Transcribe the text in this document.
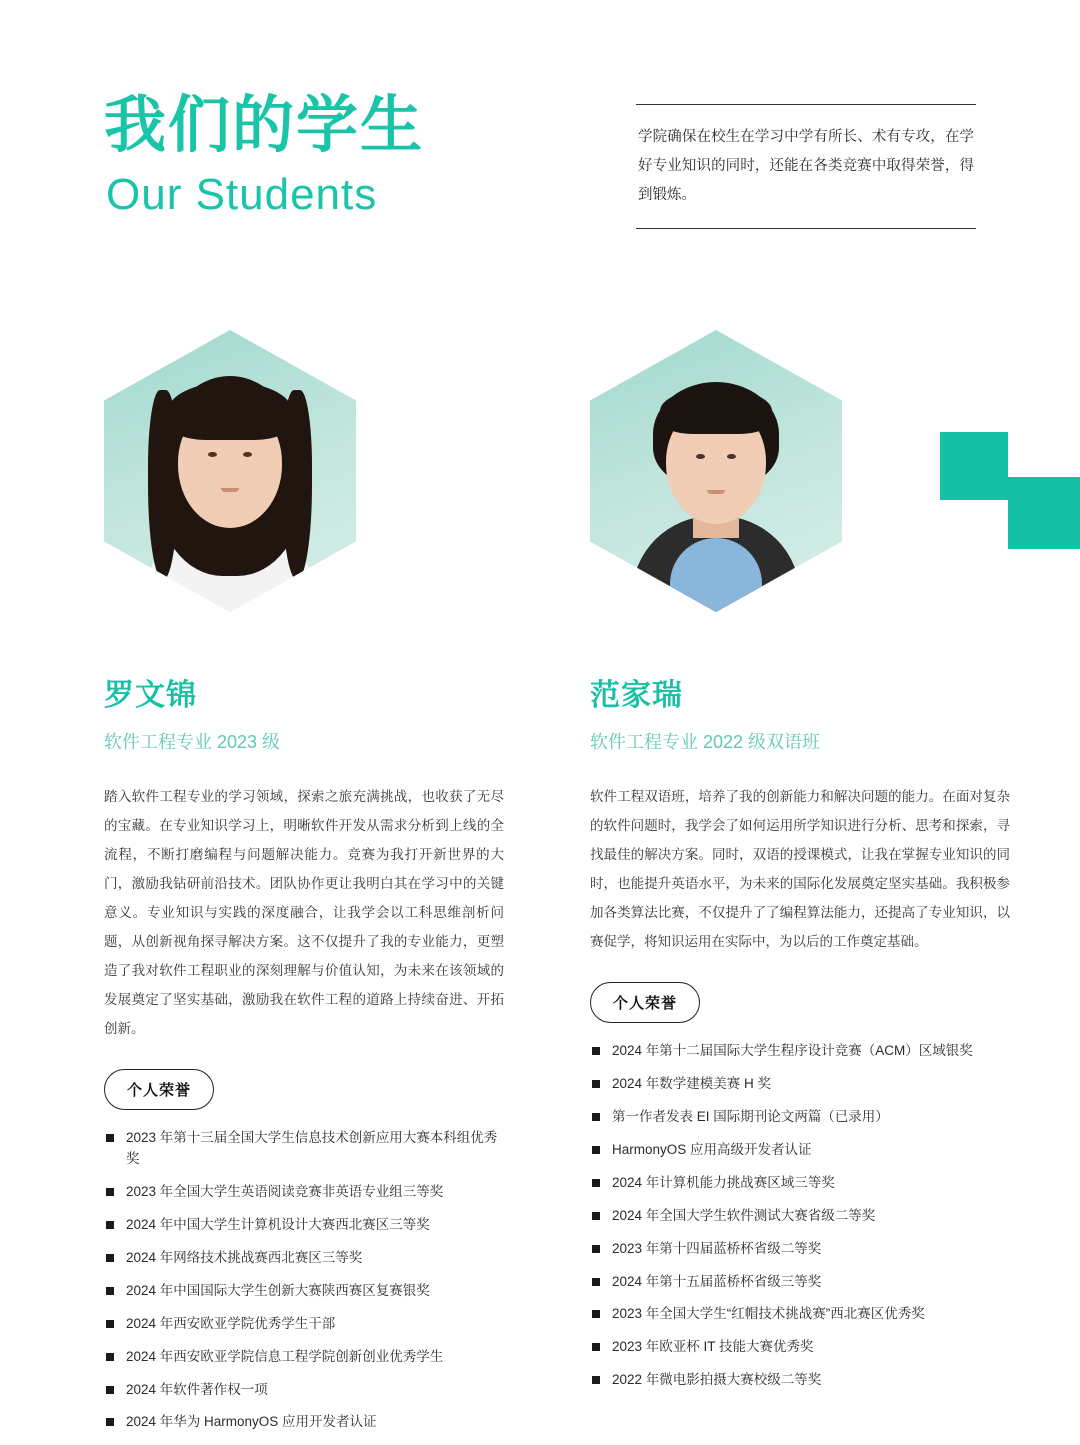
我们的学生
Our Students

学院确保在校生在学习中学有所长、术有专攻，在学好专业知识的同时，还能在各类竞赛中取得荣誉，得到锻炼。

罗文锦
软件工程专业 2023 级

踏入软件工程专业的学习领域，探索之旅充满挑战，也收获了无尽的宝藏。在专业知识学习上，明晰软件开发从需求分析到上线的全流程，不断打磨编程与问题解决能力。竞赛为我打开新世界的大门，激励我钻研前沿技术。团队协作更让我明白其在学习中的关键意义。专业知识与实践的深度融合，让我学会以工科思维剖析问题，从创新视角探寻解决方案。这不仅提升了我的专业能力，更塑造了我对软件工程职业的深刻理解与价值认知，为未来在该领域的发展奠定了坚实基础，激励我在软件工程的道路上持续奋进、开拓创新。

个人荣誉
2023 年第十三届全国大学生信息技术创新应用大赛本科组优秀奖
2023 年全国大学生英语阅读竞赛非英语专业组三等奖
2024 年中国大学生计算机设计大赛西北赛区三等奖
2024 年网络技术挑战赛西北赛区三等奖
2024 年中国国际大学生创新大赛陕西赛区复赛银奖
2024 年西安欧亚学院优秀学生干部
2024 年西安欧亚学院信息工程学院创新创业优秀学生
2024 年软件著作权一项
2024 年华为 HarmonyOS 应用开发者认证
范家瑞
软件工程专业 2022 级双语班

软件工程双语班，培养了我的创新能力和解决问题的能力。在面对复杂的软件问题时，我学会了如何运用所学知识进行分析、思考和探索，寻找最佳的解决方案。同时，双语的授课模式，让我在掌握专业知识的同时，也能提升英语水平，为未来的国际化发展奠定坚实基础。我积极参加各类算法比赛，不仅提升了了编程算法能力，还提高了专业知识，以赛促学，将知识运用在实际中，为以后的工作奠定基础。

个人荣誉
2024 年第十二届国际大学生程序设计竞赛（ACM）区域银奖
2024 年数学建模美赛 H 奖
第一作者发表 EI 国际期刊论文两篇（已录用）
HarmonyOS 应用高级开发者认证
2024 年计算机能力挑战赛区域三等奖
2024 年全国大学生软件测试大赛省级二等奖
2023 年第十四届蓝桥杯省级二等奖
2024 年第十五届蓝桥杯省级三等奖
2023 年全国大学生“红帽技术挑战赛”西北赛区优秀奖
2023 年欧亚杯 IT 技能大赛优秀奖
2022 年微电影拍摄大赛校级二等奖
